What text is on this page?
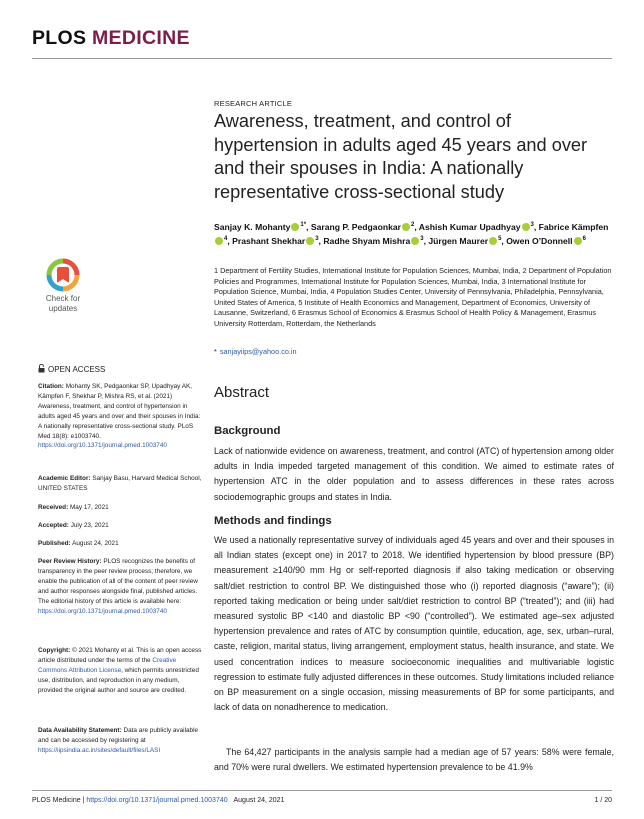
PLOS MEDICINE
Check for updates
OPEN ACCESS
Citation: Mohanty SK, Pedgaonkar SP, Upadhyay AK, Kämpfen F, Shekhar P, Mishra RS, et al. (2021) Awareness, treatment, and control of hypertension in adults aged 45 years and over and their spouses in India: A nationally representative cross-sectional study. PLoS Med 18(8): e1003740. https://doi.org/10.1371/journal.pmed.1003740
Academic Editor: Sanjay Basu, Harvard Medical School, UNITED STATES
Received: May 17, 2021
Accepted: July 23, 2021
Published: August 24, 2021
Peer Review History: PLOS recognizes the benefits of transparency in the peer review process; therefore, we enable the publication of all of the content of peer review and author responses alongside final, published articles. The editorial history of this article is available here: https://doi.org/10.1371/journal.pmed.1003740
Copyright: © 2021 Mohanty et al. This is an open access article distributed under the terms of the Creative Commons Attribution License, which permits unrestricted use, distribution, and reproduction in any medium, provided the original author and source are credited.
Data Availability Statement: Data are publicly available and can be accessed by registering at https://iipsindia.ac.in/sites/default/files/LASI
RESEARCH ARTICLE
Awareness, treatment, and control of hypertension in adults aged 45 years and over and their spouses in India: A nationally representative cross-sectional study
Sanjay K. Mohanty $^{1*}$, Sarang P. Pedgaonkar $^2$, Ashish Kumar Upadhyay $^3$, Fabrice Kämpfen$^4$, Prashant Shekhar $^3$, Radhe Shyam Mishra $^3$, Jürgen Maurer $^5$, Owen O’Donnell $^6$
1 Department of Fertility Studies, International Institute for Population Sciences, Mumbai, India, 2 Department of Population Policies and Programmes, International Institute for Population Sciences, Mumbai, India, 3 International Institute for Population Science, Mumbai, India, 4 Population Studies Center, University of Pennsylvania, Philadelphia, Pennsylvania, United States of America, 5 Institute of Health Economics and Management, Department of Economics, University of Lausanne, Switzerland, 6 Erasmus School of Economics & Erasmus School of Health Policy & Management, Erasmus University Rotterdam, Rotterdam, the Netherlands
* sanjayiips@yahoo.co.in
Abstract
Background

Lack of nationwide evidence on awareness, treatment, and control (ATC) of hypertension among older adults in India impeded targeted management of this condition. We aimed to estimate rates of hypertension ATC in the older population and to assess differences in these rates across sociodemographic groups and states in India.

Methods and findings

We used a nationally representative survey of individuals aged 45 years and over and their spouses in all Indian states (except one) in 2017 to 2018. We identified hypertension by blood pressure (BP) measurement ≥140/90 mm Hg or self-reported diagnosis if also taking medication or observing salt/diet restriction to control BP. We distinguished those who (i) reported diagnosis (“aware”); (ii) reported taking medication or being under salt/diet restriction to control BP (“treated”); and (iii) had measured systolic BP <140 and diastolic BP <90 (“controlled”). We estimated age–sex adjusted hypertension prevalence and rates of ATC by consumption quintile, education, age, sex, urban–rural, caste, religion, marital status, living arrangement, employment status, health insurance, and state. We used concentration indices to measure socioeconomic inequalities and multivariable logistic regression to estimate fully adjusted differences in these outcomes. Study limitations included reliance on BP measurement on a single occasion, missing measurements of BP for some participants, and lack of data on nonadherence to medication.

The 64,427 participants in the analysis sample had a median age of 57 years: 58% were female, and 70% were rural dwellers. We estimated hypertension prevalence to be 41.9%

PLOS Medicine | https://doi.org/10.1371/journal.pmed.1003740 August 24, 2021	1 / 20
